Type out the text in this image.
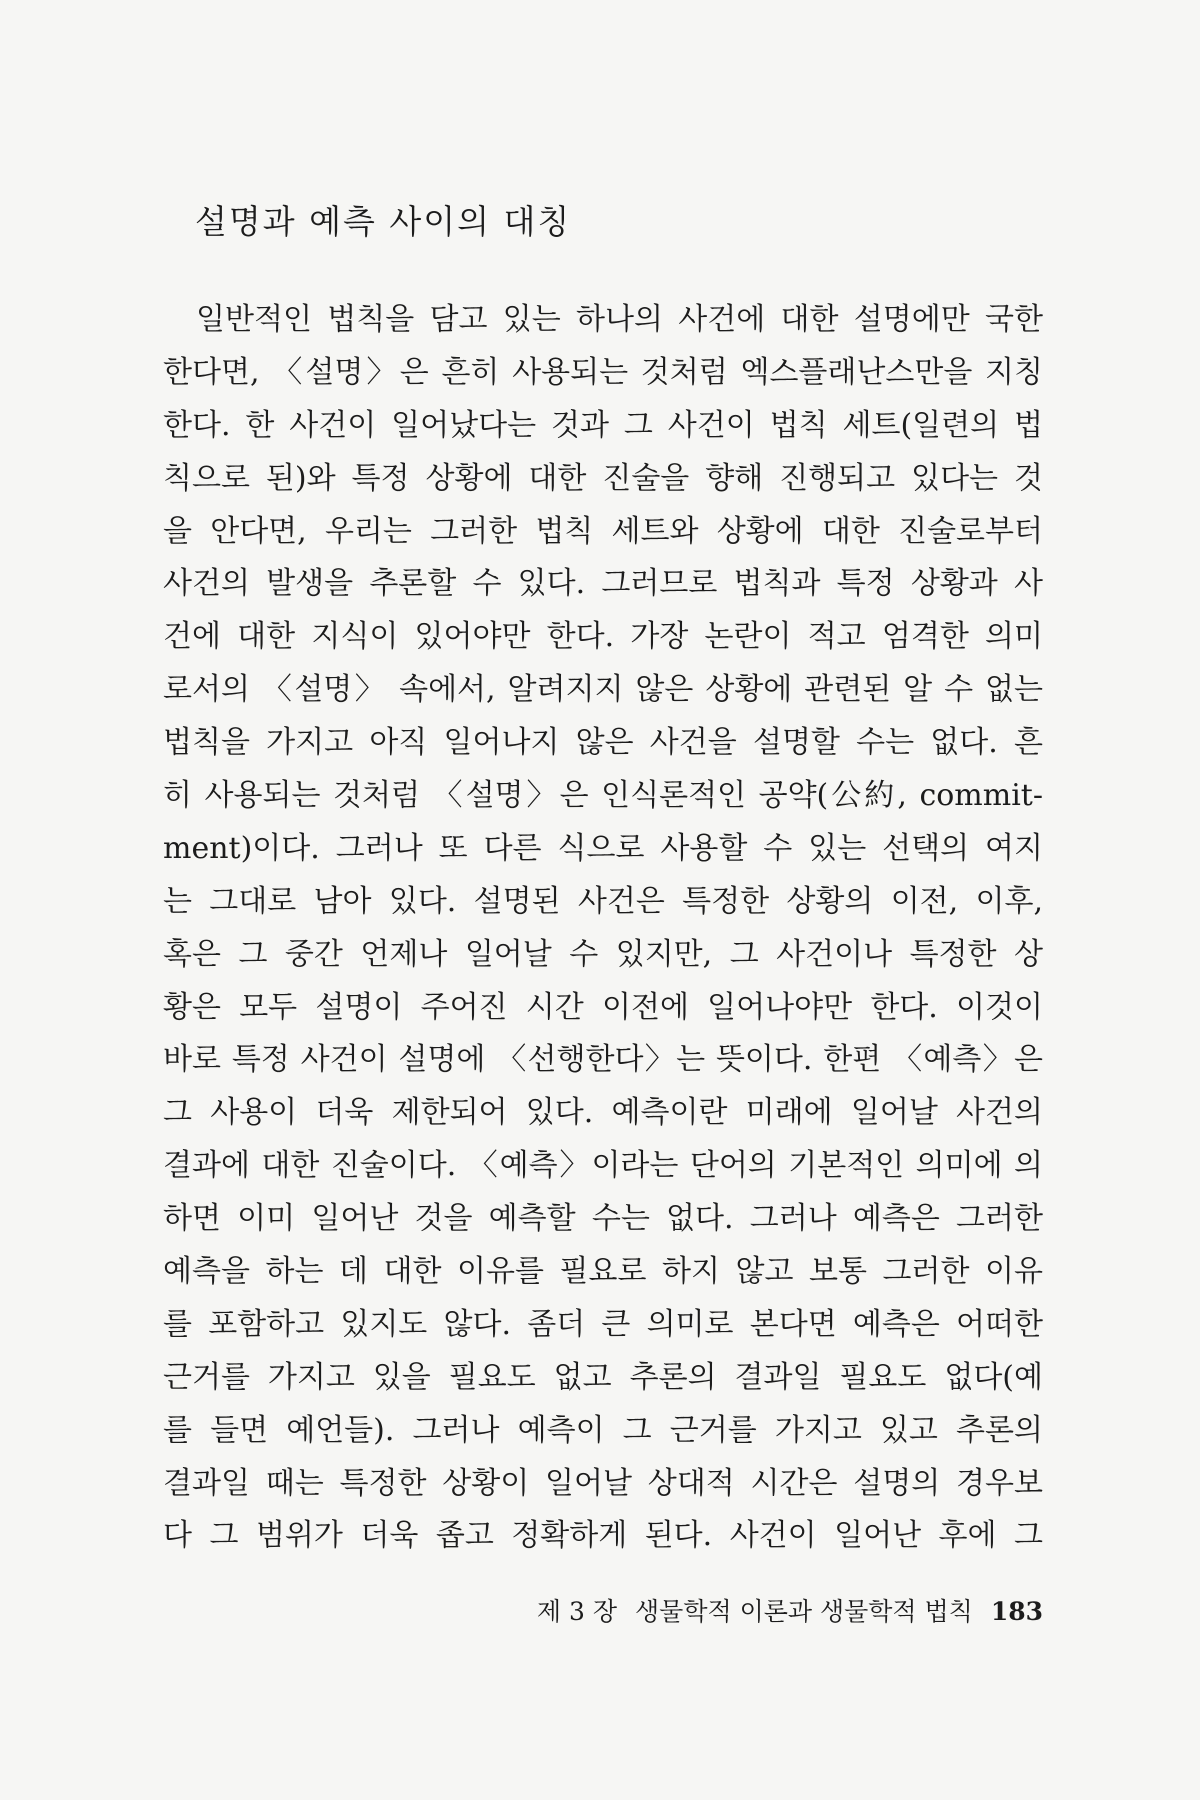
설명과 예측 사이의 대칭
일반적인 법칙을 담고 있는 하나의 사건에 대한 설명에만 국한
한다면, 〈설명〉은 흔히 사용되는 것처럼 엑스플래난스만을 지칭
한다. 한 사건이 일어났다는 것과 그 사건이 법칙 세트(일련의 법
칙으로 된)와 특정 상황에 대한 진술을 향해 진행되고 있다는 것
을 안다면, 우리는 그러한 법칙 세트와 상황에 대한 진술로부터
사건의 발생을 추론할 수 있다. 그러므로 법칙과 특정 상황과 사
건에 대한 지식이 있어야만 한다. 가장 논란이 적고 엄격한 의미
로서의 〈설명〉 속에서, 알려지지 않은 상황에 관련된 알 수 없는
법칙을 가지고 아직 일어나지 않은 사건을 설명할 수는 없다. 흔
히 사용되는 것처럼 〈설명〉은 인식론적인 공약(公約, commit-
ment)이다. 그러나 또 다른 식으로 사용할 수 있는 선택의 여지
는 그대로 남아 있다. 설명된 사건은 특정한 상황의 이전, 이후,
혹은 그 중간 언제나 일어날 수 있지만, 그 사건이나 특정한 상
황은 모두 설명이 주어진 시간 이전에 일어나야만 한다. 이것이
바로 특정 사건이 설명에 〈선행한다〉는 뜻이다. 한편 〈예측〉은
그 사용이 더욱 제한되어 있다. 예측이란 미래에 일어날 사건의
결과에 대한 진술이다. 〈예측〉이라는 단어의 기본적인 의미에 의
하면 이미 일어난 것을 예측할 수는 없다. 그러나 예측은 그러한
예측을 하는 데 대한 이유를 필요로 하지 않고 보통 그러한 이유
를 포함하고 있지도 않다. 좀더 큰 의미로 본다면 예측은 어떠한
근거를 가지고 있을 필요도 없고 추론의 결과일 필요도 없다(예
를 들면 예언들). 그러나 예측이 그 근거를 가지고 있고 추론의
결과일 때는 특정한 상황이 일어날 상대적 시간은 설명의 경우보
다 그 범위가 더욱 좁고 정확하게 된다. 사건이 일어난 후에 그
제 3 장 생물학적 이론과 생물학적 법칙 183
